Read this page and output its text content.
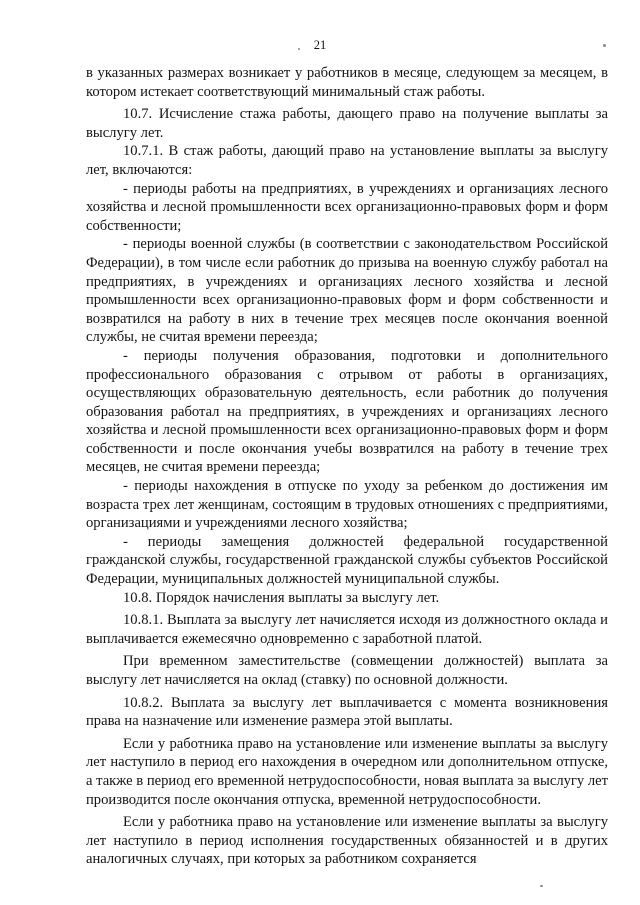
21

в указанных размерах возникает у работников в месяце, следующем за месяцем, в котором истекает соответствующий минимальный стаж работы.

10.7. Исчисление стажа работы, дающего право на получение выплаты за выслугу лет.

10.7.1. В стаж работы, дающий право на установление выплаты за выслугу лет, включаются:

- периоды работы на предприятиях, в учреждениях и организациях лесного хозяйства и лесной промышленности всех организационно-правовых форм и форм собственности;

- периоды военной службы (в соответствии с законодательством Российской Федерации), в том числе если работник до призыва на военную службу работал на предприятиях, в учреждениях и организациях лесного хозяйства и лесной промышленности всех организационно-правовых форм и форм собственности и возвратился на работу в них в течение трех месяцев после окончания военной службы, не считая времени переезда;

- периоды получения образования, подготовки и дополнительного профессионального образования с отрывом от работы в организациях, осуществляющих образовательную деятельность, если работник до получения образования работал на предприятиях, в учреждениях и организациях лесного хозяйства и лесной промышленности всех организационно-правовых форм и форм собственности и после окончания учебы возвратился на работу в течение трех месяцев, не считая времени переезда;

- периоды нахождения в отпуске по уходу за ребенком до достижения им возраста трех лет женщинам, состоящим в трудовых отношениях с предприятиями, организациями и учреждениями лесного хозяйства;

- периоды замещения должностей федеральной государственной гражданской службы, государственной гражданской службы субъектов Российской Федерации, муниципальных должностей муниципальной службы.

10.8. Порядок начисления выплаты за выслугу лет.

10.8.1. Выплата за выслугу лет начисляется исходя из должностного оклада и выплачивается ежемесячно одновременно с заработной платой.

При временном заместительстве (совмещении должностей) выплата за выслугу лет начисляется на оклад (ставку) по основной должности.

10.8.2. Выплата за выслугу лет выплачивается с момента возникновения права на назначение или изменение размера этой выплаты.

Если у работника право на установление или изменение выплаты за выслугу лет наступило в период его нахождения в очередном или дополнительном отпуске, а также в период его временной нетрудоспособности, новая выплата за выслугу лет производится после окончания отпуска, временной нетрудоспособности.

Если у работника право на установление или изменение выплаты за выслугу лет наступило в период исполнения государственных обязанностей и в других аналогичных случаях, при которых за работником сохраняется
